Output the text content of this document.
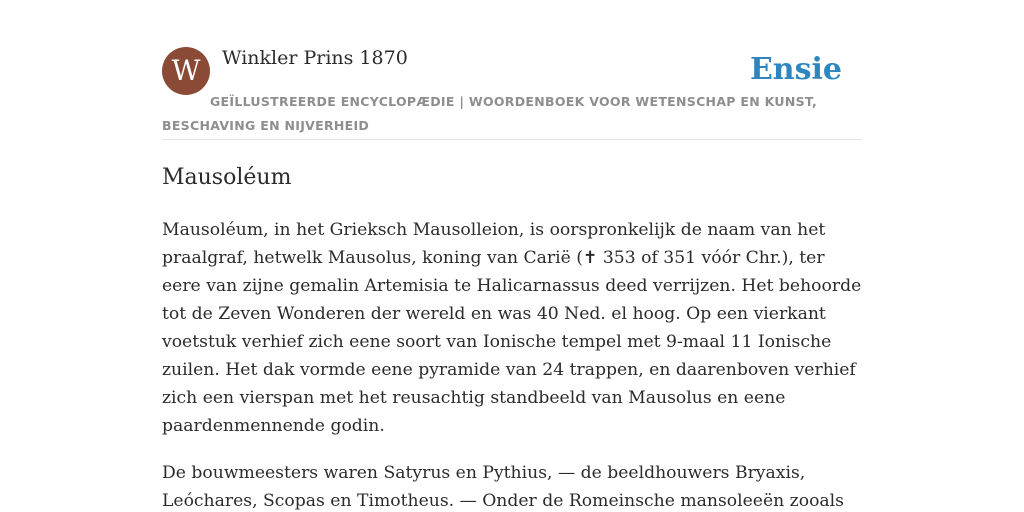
W	Winkler Prins 1870	Ensie
GEÏLLUSTREERDE ENCYCLOPÆDIE | WOORDENBOEK VOOR WETENSCHAP EN KUNST, BESCHAVING EN NIJVERHEID
Mausoléum

Mausoléum, in het Grieksch Mausolleion, is oorspronkelijk de naam van het praalgraf, hetwelk Mausolus, koning van Carië (✝ 353 of 351 vóór Chr.), ter eere van zijne gemalin Artemisia te Halicarnassus deed verrijzen. Het behoorde tot de Zeven Wonderen der wereld en was 40 Ned. el hoog. Op een vierkant voetstuk verhief zich eene soort van Ionische tempel met 9-maal 11 Ionische zuilen. Het dak vormde eene pyramide van 24 trappen, en daarenboven verhief zich een vierspan met het reusachtig standbeeld van Mausolus en eene paardenmennende godin.

De bouwmeesters waren Satyrus en Pythius, — de beeldhouwers Bryaxis, Leóchares, Scopas en Timotheus. — Onder de Romeinsche mansoleeën zooals
